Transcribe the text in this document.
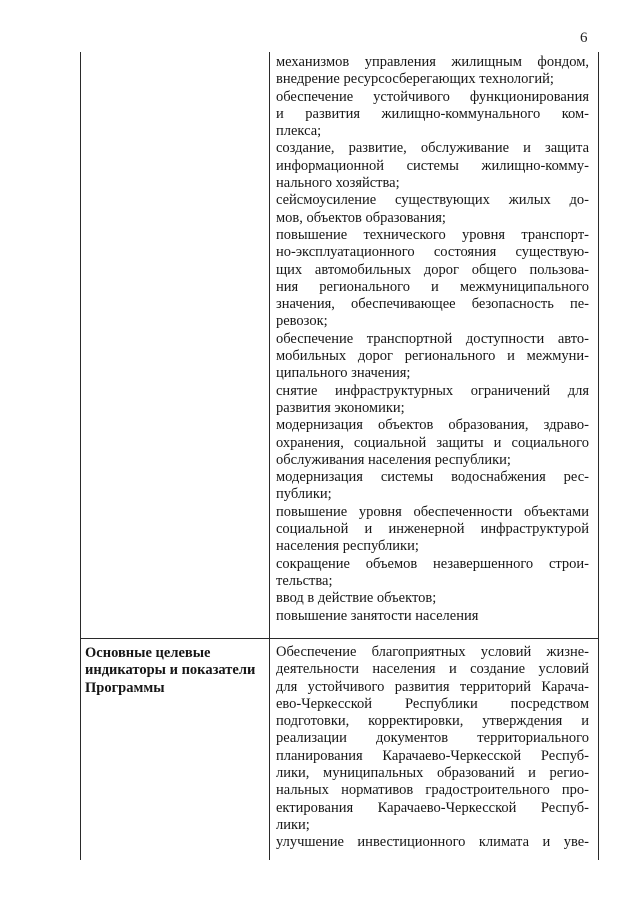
6
механизмов управления жилищным фондом,
внедрение ресурсосберегающих технологий;
обеспечение устойчивого функционирования
и развития жилищно-коммунального ком-
плекса;
создание, развитие, обслуживание и защита
информационной системы жилищно-комму-
нального хозяйства;
сейсмоусиление существующих жилых до-
мов, объектов образования;
повышение технического уровня транспорт-
но-эксплуатационного состояния существую-
щих автомобильных дорог общего пользова-
ния регионального и межмуниципального
значения, обеспечивающее безопасность пе-
ревозок;
обеспечение транспортной доступности авто-
мобильных дорог регионального и межмуни-
ципального значения;
снятие инфраструктурных ограничений для
развития экономики;
модернизация объектов образования, здраво-
охранения, социальной защиты и социального
обслуживания населения республики;
модернизация системы водоснабжения рес-
публики;
повышение уровня обеспеченности объектами
социальной и инженерной инфраструктурой
населения республики;
сокращение объемов незавершенного строи-
тельства;
ввод в действие объектов;
повышение занятости населения
Основные целевые
индикаторы и показатели
Программы
Обеспечение благоприятных условий жизне-
деятельности населения и создание условий
для устойчивого развития территорий Карача-
ево-Черкесской Республики посредством
подготовки, корректировки, утверждения и
реализации документов территориального
планирования Карачаево-Черкесской Респуб-
лики, муниципальных образований и регио-
нальных нормативов градостроительного про-
ектирования Карачаево-Черкесской Респуб-
лики;
улучшение инвестиционного климата и уве-
